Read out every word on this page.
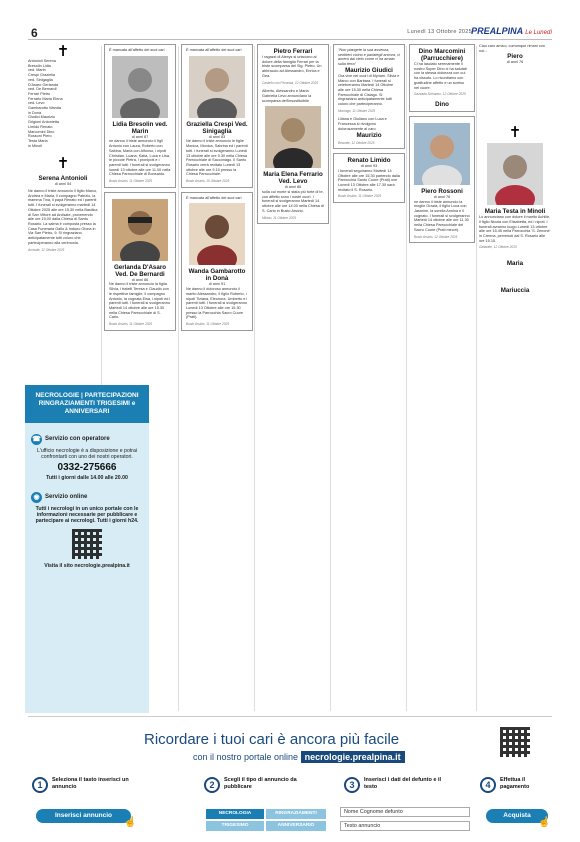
6	Lunedì 13 Ottobre 2025 PREALPINA Le Lunedì
✝
Antonioli Serena
Bresolin Lidia
ved. Marin
Crespi Graziella
ved. Sinigaglia
D'Asaro Gerlanda
ved. De Bernardi
Ferrari Pietro
Ferrario Maria Elena
ved. Levo
Gambarotto Wanda
in Donà
Giudici Maurizio
Grigioni Antonietta
Limido Renato
Marcomini Dino
Rossoni Piero
Testa Maria
in Minoli
✝
Serena Antonioli
di anni 54
Ne danno il triste annuncio il figlio Marco, Andrea e Maria, il compagno Patrizio, la mamma Tina, il papà Renato ed i parenti tutti. I funerali si svolgeranno martedì 14 Ottobre 2025 alle ore 15,30 nella Basilica di San Vittore ad Arcisate, provenendo alle ore 15,00 dalla Chiesa di Santo Rosario. La salma è composta presso la Casa Funeraria Gallo & Induno Olona in Via San Pietro, 9. Si ringraziano anticipatamente tutti coloro che parteciperanno alla cerimonia.
Arcisate, 12 Ottobre 2025
NECROLOGIE | PARTECIPAZIONI RINGRAZIAMENTI TRIGESIMI e ANNIVERSARI
☎ Servizio con operatore
L'ufficio necrologie è a disposizione e potrai confrontarti con uno dei nostri operatori.
0332-275666
Tutti i giorni dalle 14.00 alle 20.00
◉ Servizio online
Tutti i necrologi in un unico portale con le informazioni necessarie per pubblicare e partecipare ai necrologi. Tutti i giorni h24.
Visita il sito necrologie.prealpina.it
È mancata all'affetto dei suoi cari
Lidia Bresolin ved. Marin
di anni 87
ne danno il triste annuncio il figli Antonio con Laura, Roberto con Sabina, Maria con Alfonso, i nipoti Christian, Luana, Katia, Luca e Lisa, le piccole Pietra, i pronipoti e i parenti tutti. I funerali si svolgeranno lunedì 13 ottobre alle ore 11.00 nella Chiesa Parrocchiale di Bonsanto.
Busto Arsizio, 11 Ottobre 2025
Gerlanda D'Asaro Ved. De Bernardi
di anni 86
Ne danno il triste annuncio la figlia Silvia, i fratelli Teresa e Claudio con le rispettive famiglie, il compagno Antonio, la cognata Elsa, i nipoti ed i parenti tutti. I funerali si svolgeranno Martedì 14 ottobre alle ore 15.30 nella Chiesa Parrocchiale di S. Carlo.
Busto Arsizio, 11 Ottobre 2025
È mancata all'affetto dei suoi cari
Graziella Crespi Ved. Sinigaglia
di anni 83
Ne danno il triste annuncio le figlie Monica, Monica, Sabrina ed i parenti tutti. I funerali si svolgeranno Lunedì 13 ottobre alle ore 9.30 nella Chiesa Parrocchiale di Sacconago. Il Santo Rosario verrà recitato Lunedì 13 ottobre alle ore 9.15 presso la Chiesa Parrocchiale.
Busto Arsizio, 10 Ottobre 2025
È mancata all'affetto dei suoi cari
Wanda Gambarotto in Donà
di anni 91
Ne danno il doloroso annuncio il marito Alessandro, il figlio Roberto, i nipoti Tiziana, Eleonora, Umberto e i parenti tutti. I funerali si svolgeranno Lunedì 13 Ottobre alle ore 15.30 presso la Parrocchia Sacro Cuore (Prati).
Busto Arsizio, 11 Ottobre 2025
Pietro Ferrari
I ragazzi di Alexys si uniscono al dolore della famiglia Ferrari per la triste scomparsa del Sig. Pietro. Un abbraccio ad Alessandro, Enrica e Gea.
Castello con Ferranza, 12 Ottobre 2025
Alberto, Alessandro e Maria Gabriella Levo annunciano la scomparsa dell'insostituibile
Maria Elena Ferrario Ved. Levo
di anni 86
sulla cui morte si stata più forte di te, con affetto sono i nostri cuori. I funerali si svolgeranno Martedì 14 ottobre alle ore 14.00 nella Chiesa di S. Carlo in Busto Arsizio.
Milano, 11 Ottobre 2025
"Non piangete la sua assenza, sentitevi vicino e parlategli ancora, vi amerà dal cielo come vi ha amato sulla terra"
Maurizio Giudici
Ora vive nei cuori di Myriam, Silvia e Marco con Barbara. I funerali si celebreranno Martedì 14 Ottobre alle ore 15.30 nella Chiesa Parrocchiale di Cislago. Si ringraziano anticipatamente tutti coloro che parteciperanno.
Mornago, 11 Ottobre 2025
Liliana e Giuliano con Luca e Francesca si rivolgono dolorosamente al caro
Maurizio
Besnate, 12 Ottobre 2025
Renato Limido
di anni 93
I funerali seguiranno Martedì 14 Ottobre alle ore 15.30 partendo dalla Parrocchia Santo Cuore (Prati) ove Lunedì 13 Ottobre alle 17.30 sarà recitato il S. Rosario.
Busto Arsizio, 11 Ottobre 2025
Dino Marcomini (Parrucchiere)
Ci ha lasciato serenamente il nostro Super Dino ci ha salutati con la stessa dolcezza con cui ha vissuto. Lo ricordiamo con gratitudine affetto e un sorriso nel cuore.
Gazzada Schianno, 12 Ottobre 2025
Dino
Piero Rossoni
di anni 76
ne danno il triste annuncio la moglie Grazia, il figlio Luca con Jasmine, la sorella Annina e il cognato. I funerali si svolgeranno Martedì 14 ottobre alle ore 11.30 nella Chiesa Parrocchiale del Sacro Cuore (Prati minori).
Busto Arsizio, 12 Ottobre 2025
Ciao caro amico, comunque rimani con noi...
Piero
di anni 76
✝
Maria Testa in Minoli
Lo annunciano con dolore il marito Achille, il figlio Nicola con Elisabetta, ed i nipoti. I funerali avranno luogo Lunedì 13 ottobre alle ore 15.45 nella Parrocchia 'S. Zenone' in Crenna, pervenuti dal S. Rosario alle ore 15.15.
Gallarate, 12 Ottobre 2025
Maria
Mariuccia
Ricordare i tuoi cari è ancora più facile
con il nostro portale online necrologie.prealpina.it
1	Seleziona il tasto inserisci un annuncio	2	Scegli il tipo di annuncio da pubblicare	3	Inserisci i dati del defunto e il testo	4	Effettua il pagamento
Inserisci annuncio	NECROLOGIA	RINGRAZIAMENTI
TRIGESIMO	ANNIVERSARIO
Nome Cognome defunto
Testo annuncio
Acquista
☝	☝
